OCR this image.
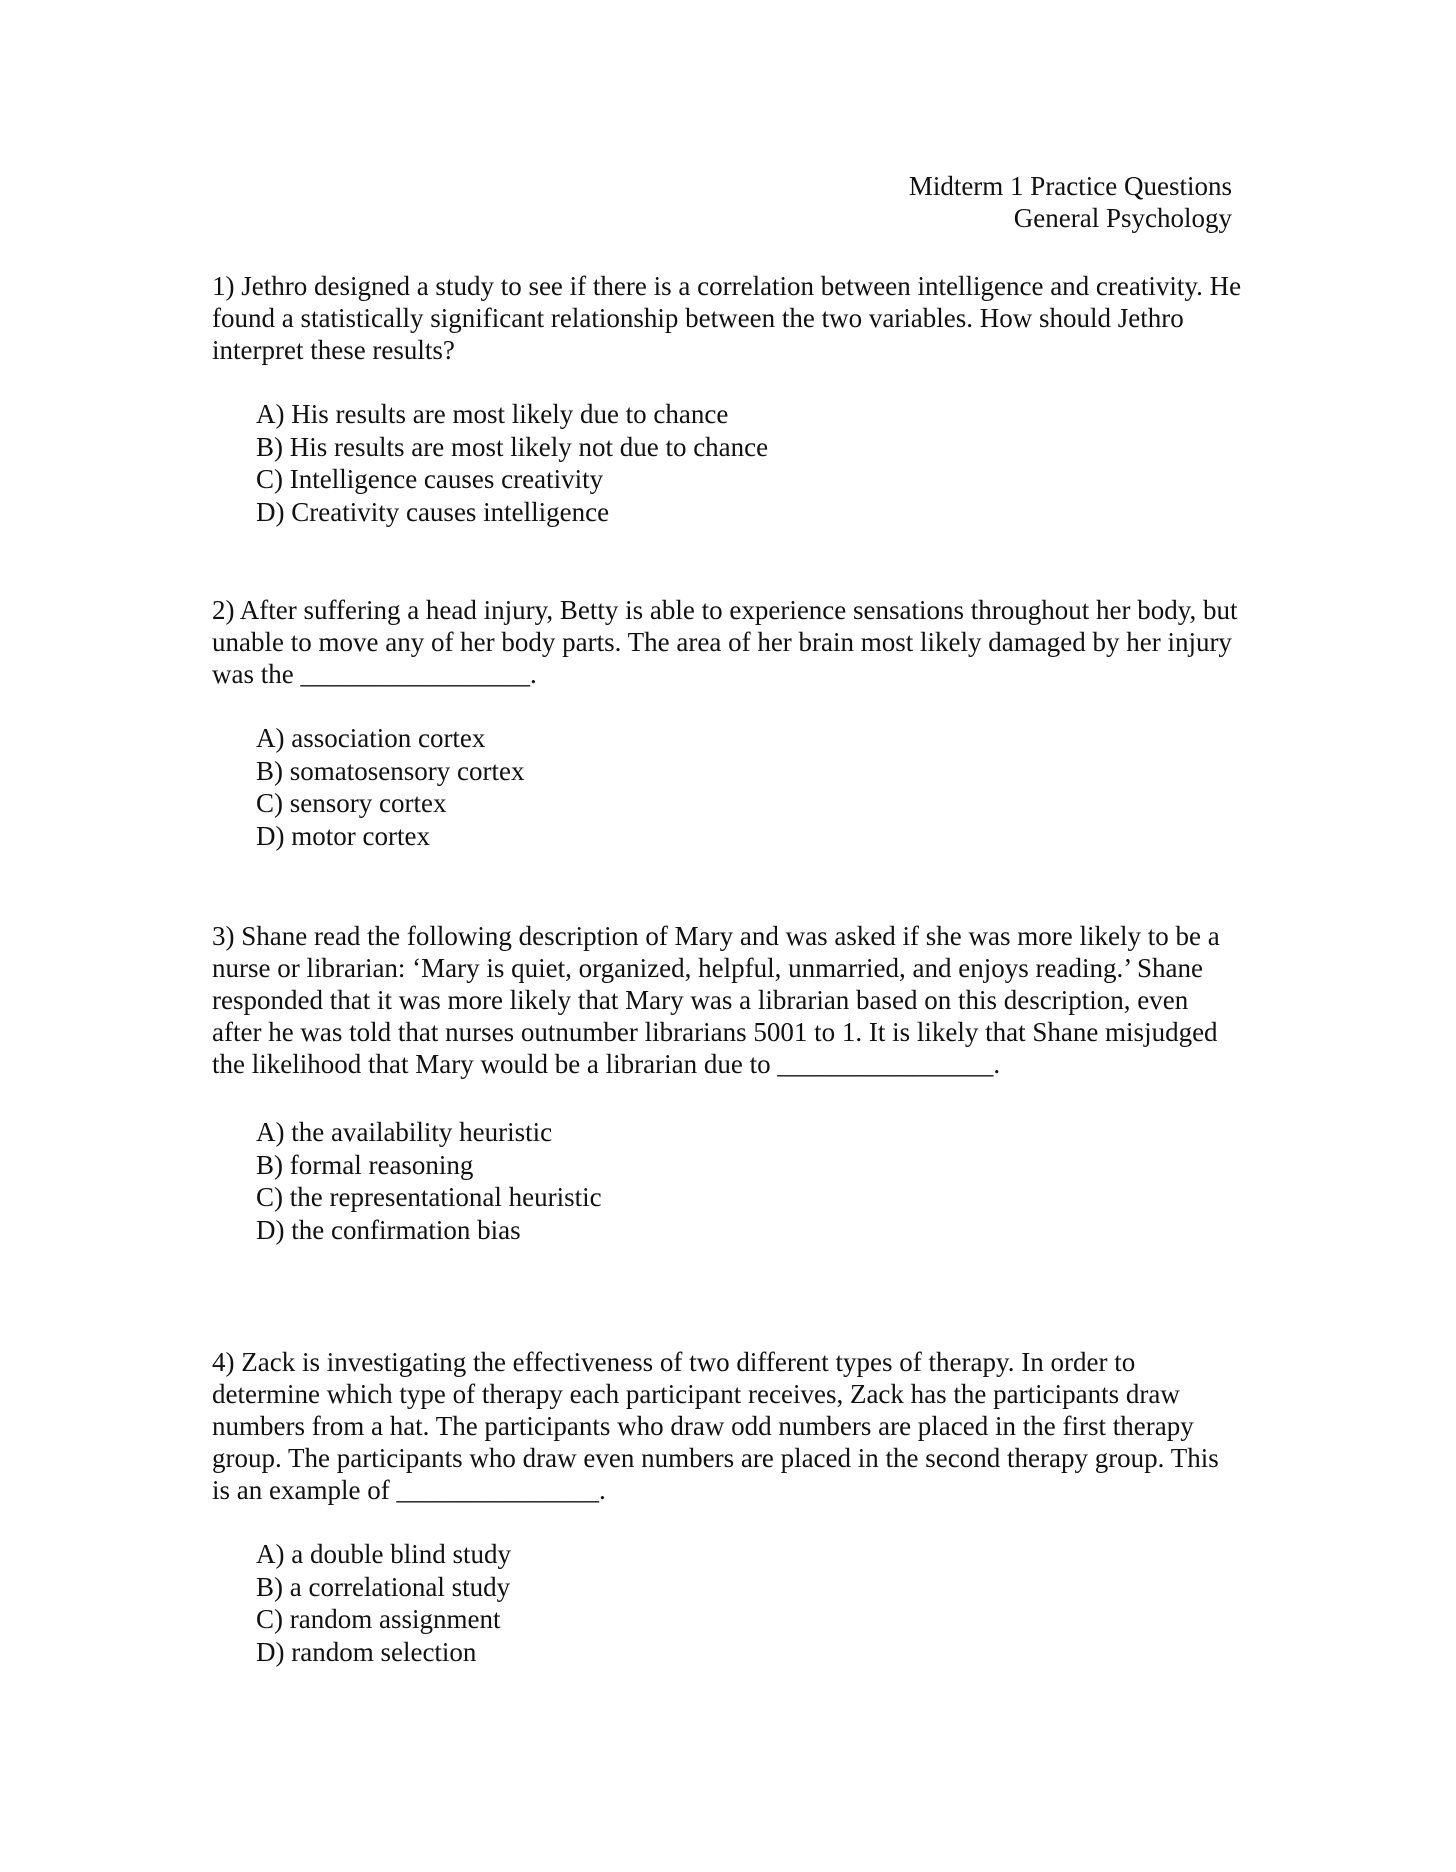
Midterm 1 Practice Questions
General Psychology
1) Jethro designed a study to see if there is a correlation between intelligence and creativity. He found a statistically significant relationship between the two variables. How should Jethro interpret these results?
A) His results are most likely due to chance
B) His results are most likely not due to chance
C) Intelligence causes creativity
D) Creativity causes intelligence
2) After suffering a head injury, Betty is able to experience sensations throughout her body, but unable to move any of her body parts. The area of her brain most likely damaged by her injury was the _________________.
A) association cortex
B) somatosensory cortex
C) sensory cortex
D) motor cortex
3) Shane read the following description of Mary and was asked if she was more likely to be a nurse or librarian: ‘Mary is quiet, organized, helpful, unmarried, and enjoys reading.’ Shane responded that it was more likely that Mary was a librarian based on this description, even after he was told that nurses outnumber librarians 5001 to 1. It is likely that Shane misjudged the likelihood that Mary would be a librarian due to ________________.
A) the availability heuristic
B) formal reasoning
C) the representational heuristic
D) the confirmation bias
4) Zack is investigating the effectiveness of two different types of therapy. In order to determine which type of therapy each participant receives, Zack has the participants draw numbers from a hat. The participants who draw odd numbers are placed in the first therapy group. The participants who draw even numbers are placed in the second therapy group. This is an example of _______________.
A) a double blind study
B) a correlational study
C) random assignment
D) random selection
